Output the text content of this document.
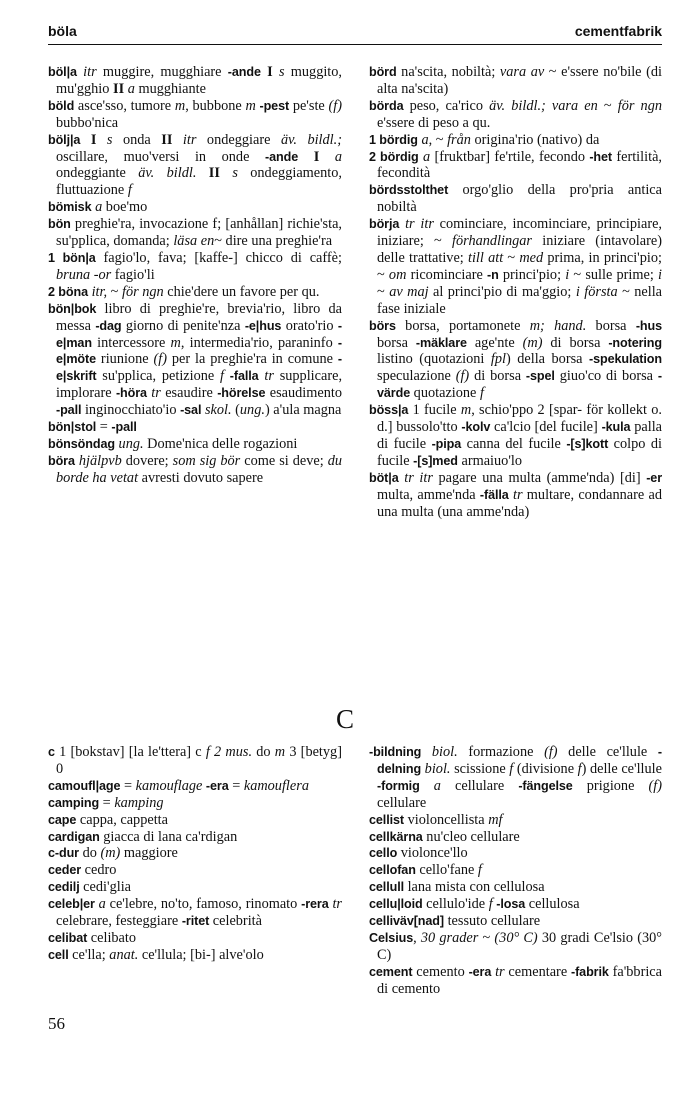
böla	cementfabrik

böl|a itr muggire, mugghiare -ande I s muggito, mu'gghio II a mugghiante

böld asce'sso, tumore m, bubbone m -pest pe'ste (f) bubbo'nica

bölj|a I s onda II itr ondeggiare äv. bildl.; oscillare, muo'versi in onde -ande I a ondeggiante äv. bildl. II s ondeggiamento, fluttuazione f

bömisk a boe'mo

bön preghie'ra, invocazione f; [anhållan] richie'sta, su'pplica, domanda; läsa en~ dire una preghie'ra

1 bön|a fagio'lo, fava; [kaffe-] chicco di caffè; bruna -or fagio'li

2 böna itr, ~ för ngn chie'dere un favore per qu.

bön|bok libro di preghie're, brevia'rio, libro da messa -dag giorno di penite'nza -e|hus orato'rio -e|man intercessore m, intermedia'rio, paraninfo -e|möte riunione (f) per la preghie'ra in comune -e|skrift su'pplica, petizione f -falla tr supplicare, implorare -höra tr esaudire -hörelse esaudimento -pall inginocchiato'io -sal skol. (ung.) a'ula magna

bön|stol = -pall

bönsöndag ung. Dome'nica delle rogazioni

böra hjälpvb dovere; som sig bör come si deve; du borde ha vetat avresti dovuto sapere

börd na'scita, nobiltà; vara av ~ e'ssere no'bile (di alta na'scita)

börda peso, ca'rico äv. bildl.; vara en ~ för ngn e'ssere di peso a qu.

1 bördig a, ~ från origina'rio (nativo) da

2 bördig a [fruktbar] fe'rtile, fecondo -het fertilità, fecondità

bördsstolthet orgo'glio della pro'pria antica nobiltà

börja tr itr cominciare, incominciare, principiare, iniziare; ~ förhandlingar iniziare (intavolare) delle trattative; till att ~ med prima, in princi'pio; ~ om ricominciare -n princi'pio; i ~ sulle prime; i ~ av maj al princi'pio di ma'ggio; i första ~ nella fase iniziale

börs borsa, portamonete m; hand. borsa -hus borsa -mäklare age'nte (m) di borsa -notering listino (quotazioni fpl) della borsa -spekulation speculazione (f) di borsa -spel giuo'co di borsa -värde quotazione f

böss|a 1 fucile m, schio'ppo 2 [spar- för kollekt o. d.] bussolo'tto -kolv ca'lcio [del fucile] -kula palla di fucile -pipa canna del fucile -[s]kott colpo di fucile -[s]med armaiuo'lo

böt|a tr itr pagare una multa (amme'nda) [di] -er multa, amme'nda -fälla tr multare, condannare ad una multa (una amme'nda)

C

c 1 [bokstav] [la le'ttera] c f 2 mus. do m 3 [betyg] 0

camoufl|age = kamouflage -era = kamouflera

camping = kamping

cape cappa, cappetta

cardigan giacca di lana ca'rdigan

c-dur do (m) maggiore

ceder cedro

cedilj cedi'glia

celeb|er a ce'lebre, no'to, famoso, rinomato -rera tr celebrare, festeggiare -ritet celebrità

celibat celibato

cell ce'lla; anat. ce'llula; [bi-] alve'olo

-bildning biol. formazione (f) delle ce'llule -delning biol. scissione f (divisione f) delle ce'llule -formig a cellulare -fängelse prigione (f) cellulare

cellist violoncellista mf

cellkärna nu'cleo cellulare

cello violonce'llo

cellofan cello'fane f

cellull lana mista con cellulosa

cellu|loid cellulo'ide f -losa cellulosa

celliväv[nad] tessuto cellulare

Celsius, 30 grader ~ (30° C) 30 gradi Ce'lsio (30° C)

cement cemento -era tr cementare -fabrik fa'bbrica di cemento

56
